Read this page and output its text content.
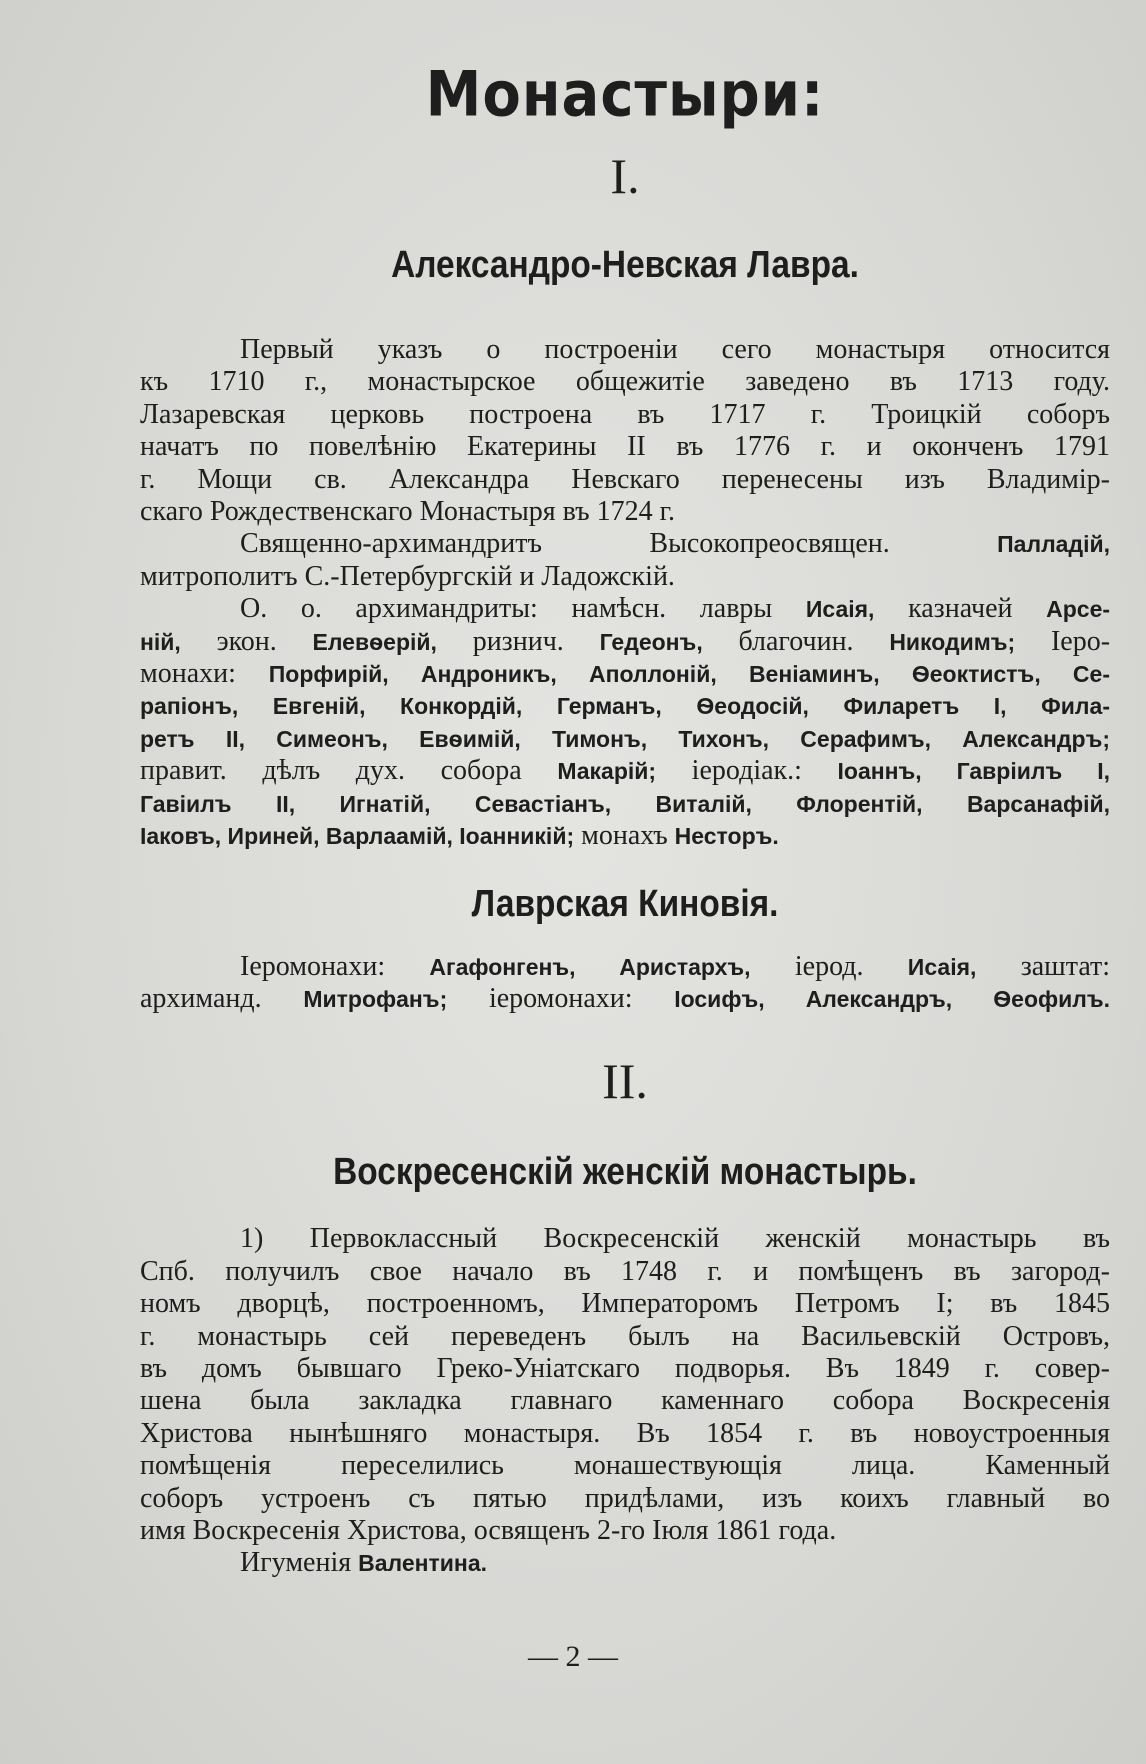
Монастыри:
I.
Александро-Невская Лавра.
Первый указъ о построеніи сего монастыря относится
къ 1710 г., монастырское общежитіе заведено въ 1713 году.
Лазаревская церковь построена въ 1717 г. Троицкій соборъ
начатъ по повелѣнію Екатерины II въ 1776 г. и оконченъ 1791
г. Мощи св. Александра Невскаго перенесены изъ Владимір-
скаго Рождественскаго Монастыря въ 1724 г.
Священно-архимандритъ Высокопреосвящен.	Палладій,
митрополитъ С.-Петербургскій и Ладожскій.
О. о. архимандриты: намѣсн. лавры Исаія, казначей Арсе-
ній, экон. Елевѳерій, ризнич. Гедеонъ, благочин. Никодимъ; Іеро-
монахи: Порфирій, Андроникъ, Аполлоній, Веніаминъ, Ѳеоктистъ, Се-
рапіонъ, Евгеній, Конкордій, Германъ, Ѳеодосій, Филаретъ I, Фила-
ретъ II, Симеонъ, Евѳимій, Тимонъ, Тихонъ, Серафимъ, Александръ;
правит. дѣлъ дух. собора Макарій; іеродіак.: Іоаннъ, Гавріилъ I,
Гавіилъ II, Игнатій, Севастіанъ, Виталій, Флорентій, Варсанафій,
Іаковъ, Ириней, Варлаамій, Іоанникій; монахъ Несторъ.
Лаврская Киновія.
Іеромонахи: Агафонгенъ, Аристархъ, іерод. Исаія, заштат:
архиманд. Митрофанъ; іеромонахи: Іосифъ, Александръ, Ѳеофилъ.
II.
Воскресенскій женскій монастырь.
1) Первоклассный Воскресенскій женскій монастырь въ
Спб. получилъ свое начало въ 1748 г. и помѣщенъ въ загород-
номъ дворцѣ, построенномъ, Императоромъ Петромъ I; въ 1845
г. монастырь сей переведенъ былъ на Васильевскій Островъ,
въ домъ бывшаго Греко-Уніатскаго подворья. Въ 1849 г. совер-
шена была закладка главнаго каменнаго собора Воскресенія
Христова нынѣшняго монастыря. Въ 1854 г. въ новоустроенныя
помѣщенія переселились монашествующія лица. Каменный
соборъ устроенъ съ пятью придѣлами, изъ коихъ главный во
имя Воскресенія Христова, освященъ 2-го Іюля 1861 года.
Игуменія Валентина.
— 2 —
